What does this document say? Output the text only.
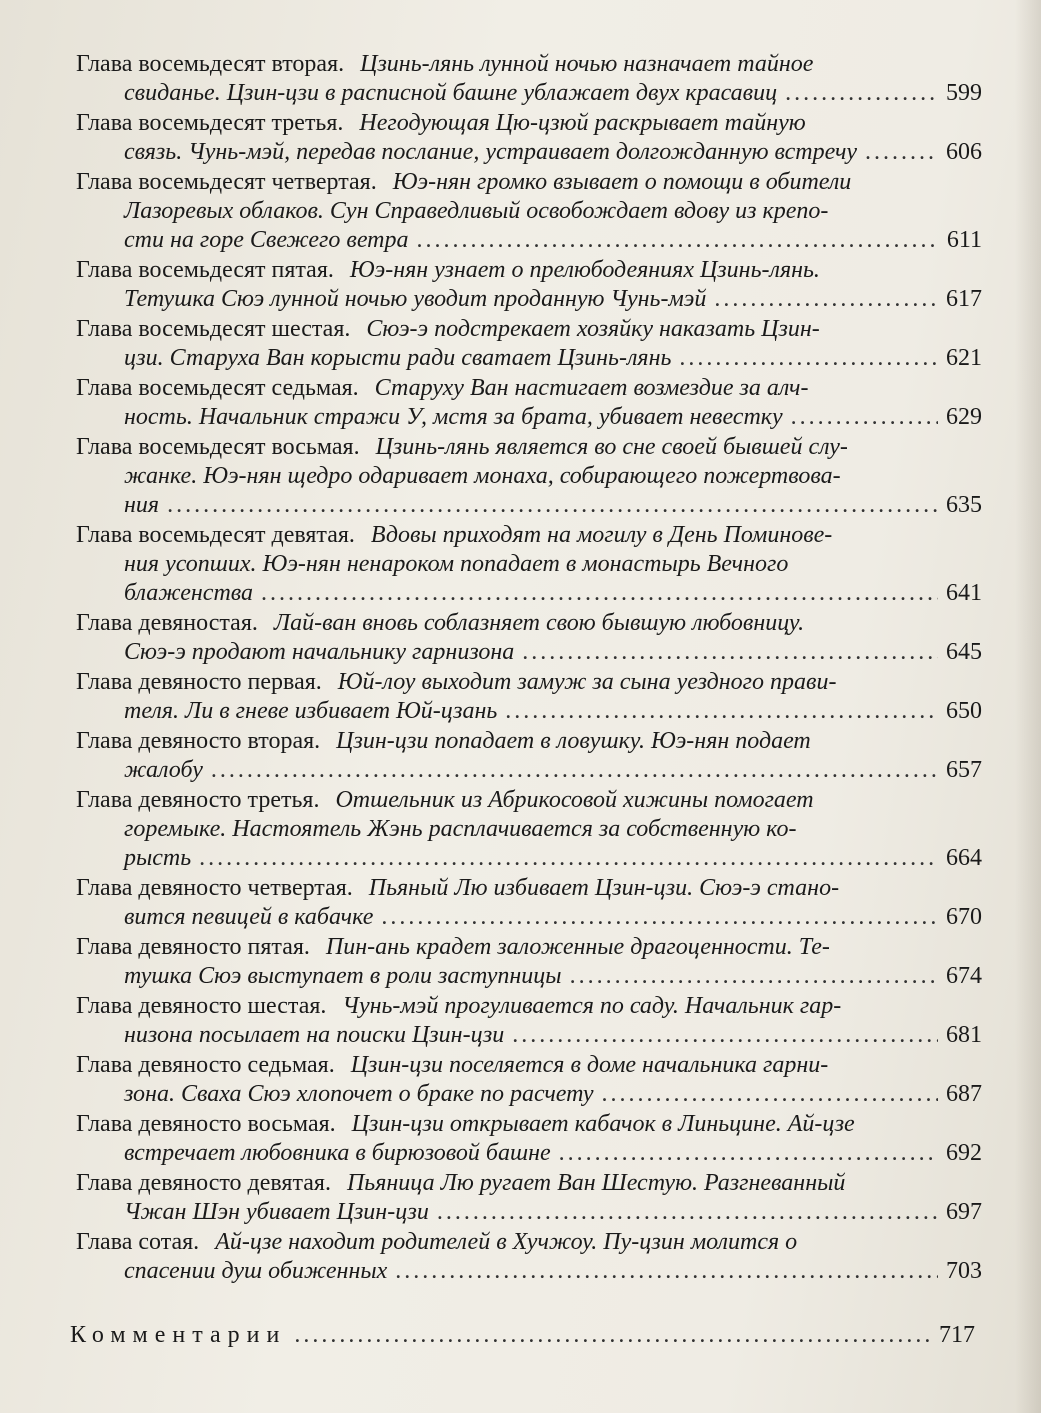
Глава восемьдесят вторая. Цзинь-лянь лунной ночью назначает тайное
свиданье. Цзин-цзи в расписной башне ублажает двух красавиц .....	599
Глава восемьдесят третья. Негодующая Цю-цзюй раскрывает тайную
связь. Чунь-мэй, передав послание, устраивает долгожданную встречу .....	606
Глава восемьдесят четвертая. Юэ-нян громко взывает о помощи в обители
Лазоревых облаков. Сун Справедливый освобождает вдову из крепо-
сти на горе Свежего ветра .....	611
Глава восемьдесят пятая. Юэ-нян узнает о прелюбодеяниях Цзинь-лянь.
Тетушка Сюэ лунной ночью уводит проданную Чунь-мэй .....	617
Глава восемьдесят шестая. Сюэ-э подстрекает хозяйку наказать Цзин-
цзи. Старуха Ван корысти ради сватает Цзинь-лянь .....	621
Глава восемьдесят седьмая. Старуху Ван настигает возмездие за алч-
ность. Начальник стражи У, мстя за брата, убивает невестку .....	629
Глава восемьдесят восьмая. Цзинь-лянь является во сне своей бывшей слу-
жанке. Юэ-нян щедро одаривает монаха, собирающего пожертвова-
ния .....	635
Глава восемьдесят девятая. Вдовы приходят на могилу в День Поминове-
ния усопших. Юэ-нян ненароком попадает в монастырь Вечного
блаженства .....	641
Глава девяностая. Лай-ван вновь соблазняет свою бывшую любовницу.
Сюэ-э продают начальнику гарнизона .....	645
Глава девяносто первая. Юй-лоу выходит замуж за сына уездного прави-
теля. Ли в гневе избивает Юй-цзань .....	650
Глава девяносто вторая. Цзин-цзи попадает в ловушку. Юэ-нян подает
жалобу .....	657
Глава девяносто третья. Отшельник из Абрикосовой хижины помогает
горемыке. Настоятель Жэнь расплачивается за собственную ко-
рысть .....	664
Глава девяносто четвертая. Пьяный Лю избивает Цзин-цзи. Сюэ-э стано-
вится певицей в кабачке .....	670
Глава девяносто пятая. Пин-ань крадет заложенные драгоценности. Те-
тушка Сюэ выступает в роли заступницы .....	674
Глава девяносто шестая. Чунь-мэй прогуливается по саду. Начальник гар-
низона посылает на поиски Цзин-цзи .....	681
Глава девяносто седьмая. Цзин-цзи поселяется в доме начальника гарни-
зона. Сваха Сюэ хлопочет о браке по расчету .....	687
Глава девяносто восьмая. Цзин-цзи открывает кабачок в Линьцине. Ай-цзе
встречает любовника в бирюзовой башне .....	692
Глава девяносто девятая. Пьяница Лю ругает Ван Шестую. Разгневанный
Чжан Шэн убивает Цзин-цзи .....	697
Глава сотая. Ай-цзе находит родителей в Хучжоу. Пу-цзин молится о
спасении душ обиженных .....	703
Комментарии .....	717
